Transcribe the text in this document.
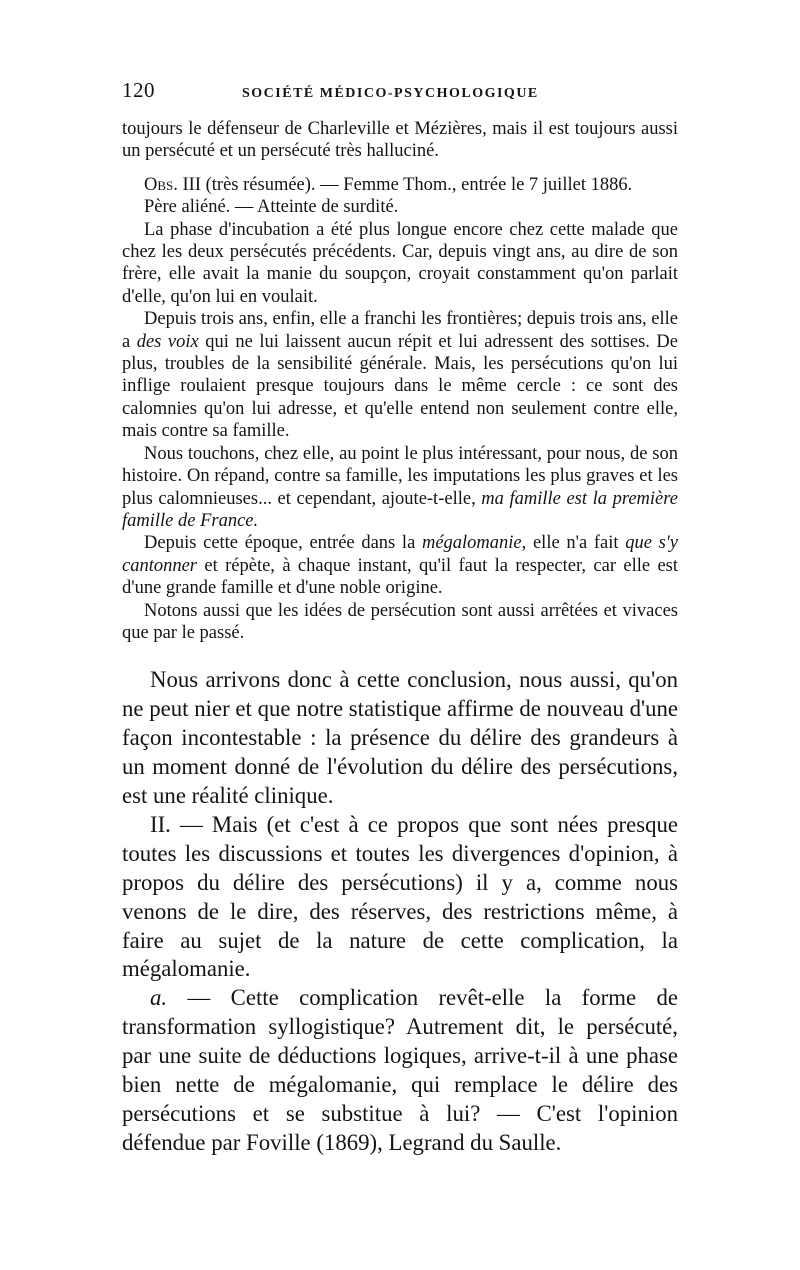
120	SOCIÉTÉ MÉDICO-PSYCHOLOGIQUE

toujours le défenseur de Charleville et Mézières, mais il est toujours aussi un persécuté et un persécuté très halluciné.

Obs. III (très résumée). — Femme Thom., entrée le 7 juillet 1886.

Père aliéné. — Atteinte de surdité.

La phase d'incubation a été plus longue encore chez cette malade que chez les deux persécutés précédents. Car, depuis vingt ans, au dire de son frère, elle avait la manie du soupçon, croyait constamment qu'on parlait d'elle, qu'on lui en voulait.

Depuis trois ans, enfin, elle a franchi les frontières; depuis trois ans, elle a des voix qui ne lui laissent aucun répit et lui adressent des sottises. De plus, troubles de la sensibilité générale. Mais, les persécutions qu'on lui inflige roulaient presque toujours dans le même cercle : ce sont des calomnies qu'on lui adresse, et qu'elle entend non seulement contre elle, mais contre sa famille.

Nous touchons, chez elle, au point le plus intéressant, pour nous, de son histoire. On répand, contre sa famille, les imputations les plus graves et les plus calomnieuses... et cependant, ajoute-t-elle, ma famille est la première famille de France.

Depuis cette époque, entrée dans la mégalomanie, elle n'a fait que s'y cantonner et répète, à chaque instant, qu'il faut la respecter, car elle est d'une grande famille et d'une noble origine.

Notons aussi que les idées de persécution sont aussi arrêtées et vivaces que par le passé.

Nous arrivons donc à cette conclusion, nous aussi, qu'on ne peut nier et que notre statistique affirme de nouveau d'une façon incontestable : la présence du délire des grandeurs à un moment donné de l'évolution du délire des persécutions, est une réalité clinique.

II. — Mais (et c'est à ce propos que sont nées presque toutes les discussions et toutes les divergences d'opinion, à propos du délire des persécutions) il y a, comme nous venons de le dire, des réserves, des restrictions même, à faire au sujet de la nature de cette complication, la mégalomanie.

a. — Cette complication revêt-elle la forme de transformation syllogistique? Autrement dit, le persécuté, par une suite de déductions logiques, arrive-t-il à une phase bien nette de mégalomanie, qui remplace le délire des persécutions et se substitue à lui? — C'est l'opinion défendue par Foville (1869), Legrand du Saulle.
